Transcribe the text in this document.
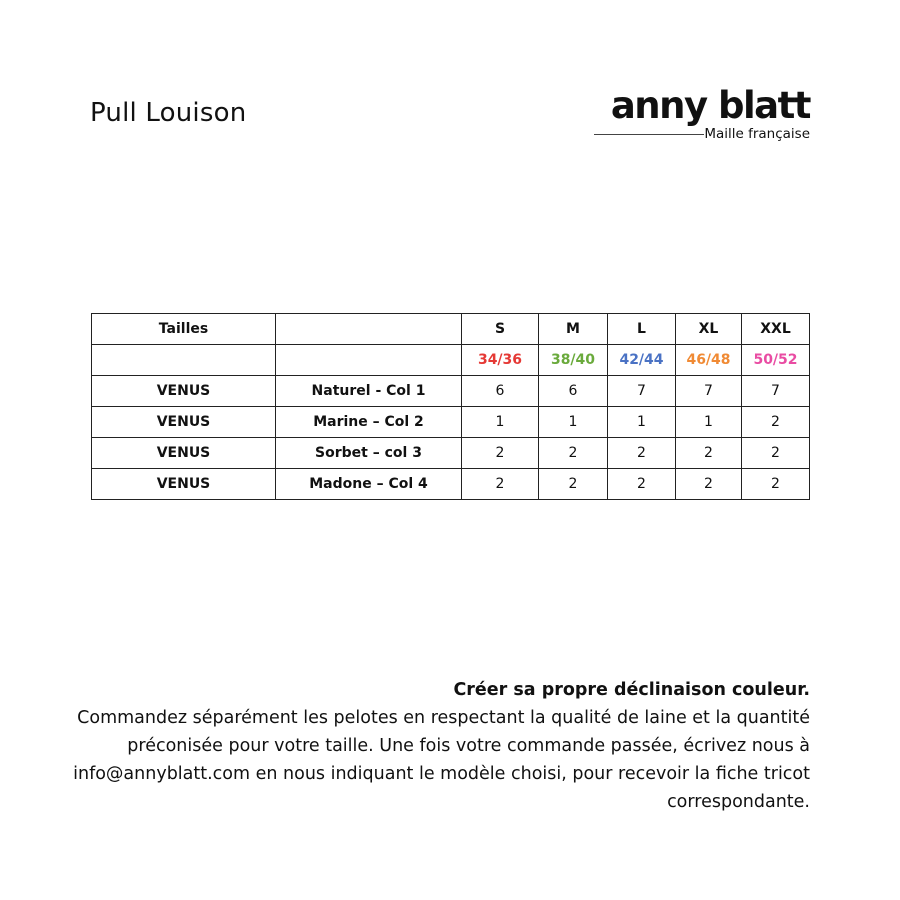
Pull Louison	anny blatt
Maille française
Tailles		S	M	L	XL	XXL
		34/36	38/40	42/44	46/48	50/52
VENUS	Naturel - Col 1	6	6	7	7	7
VENUS	Marine – Col 2	1	1	1	1	2
VENUS	Sorbet – col 3	2	2	2	2	2
VENUS	Madone – Col 4	2	2	2	2	2
Créer sa propre déclinaison couleur.
Commandez séparément les pelotes en respectant la qualité de laine et la quantité préconisée pour votre taille. Une fois votre commande passée, écrivez nous à info@annyblatt.com en nous indiquant le modèle choisi, pour recevoir la fiche tricot correspondante.
